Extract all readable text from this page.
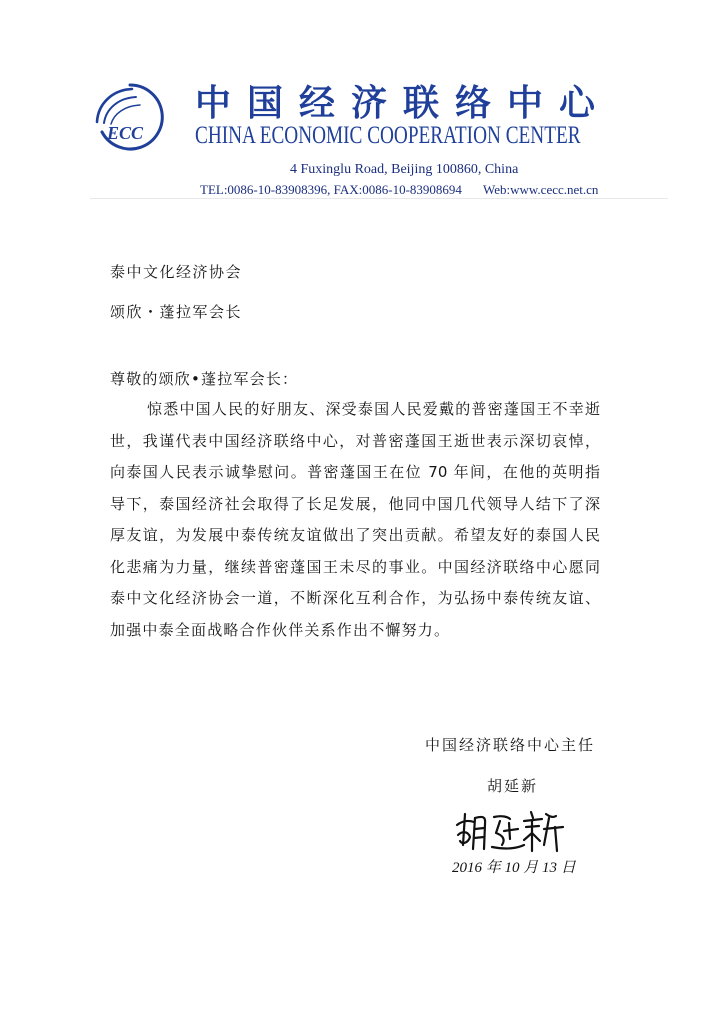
ECC
中国经济联络中心
CHINA ECONOMIC COOPERATION CENTER
4 Fuxinglu Road, Beijing 100860, China
TEL:0086-10-83908396, FAX:0086-10-83908694 Web:www.cecc.net.cn
泰中文化经济协会
颂欣・蓬拉军会长
尊敬的颂欣•蓬拉军会长：
惊悉中国人民的好朋友、深受泰国人民爱戴的普密蓬国王不幸逝
世，我谨代表中国经济联络中心，对普密蓬国王逝世表示深切哀悼，
向泰国人民表示诚挚慰问。普密蓬国王在位 70 年间，在他的英明指
导下，泰国经济社会取得了长足发展，他同中国几代领导人结下了深
厚友谊，为发展中泰传统友谊做出了突出贡献。希望友好的泰国人民
化悲痛为力量，继续普密蓬国王未尽的事业。中国经济联络中心愿同
泰中文化经济协会一道，不断深化互利合作，为弘扬中泰传统友谊、
加强中泰全面战略合作伙伴关系作出不懈努力。
中国经济联络中心主任
胡延新
2016 年 10 月 13 日
